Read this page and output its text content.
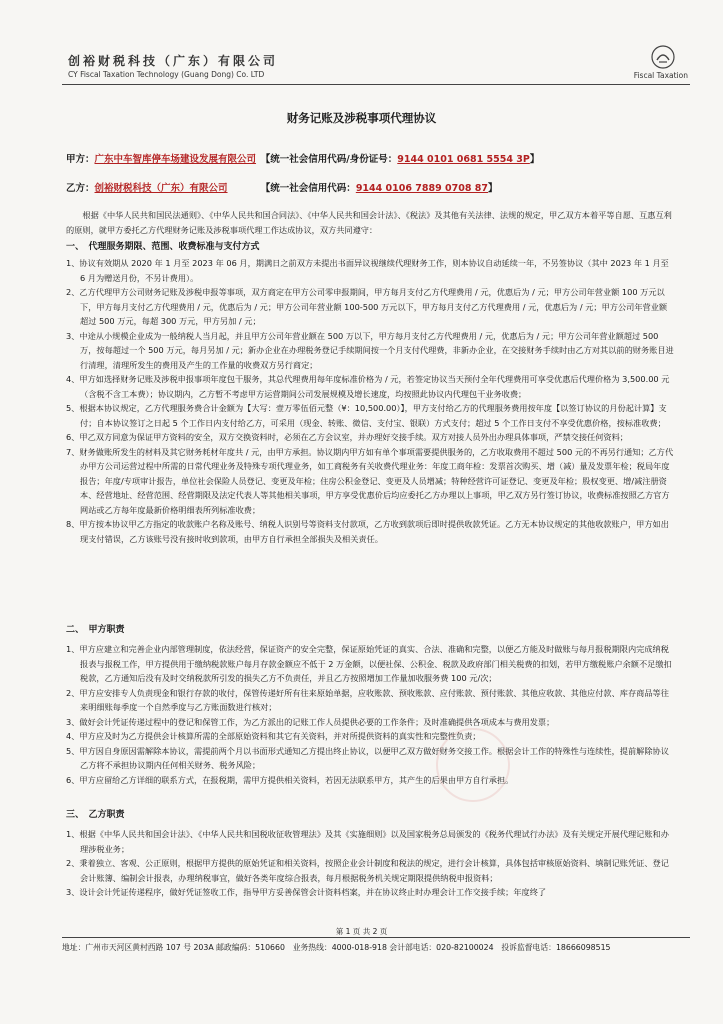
创裕财税科技（广东）有限公司
CY Fiscal Taxation Technology (Guang Dong) Co. LTD	Fiscal Taxation
财务记账及涉税事项代理协议
甲方：广东中车智库停车场建设发展有限公司　 【统一社会信用代码/身份证号：9144 0101 0681 5554 3P】
乙方：创裕财税科技（广东）有限公司　　　　	【统一社会信用代码：9144 0106 7889 0708 87】
根据《中华人民共和国民法通则》、《中华人民共和国合同法》、《中华人民共和国会计法》、《税法》及其他有关法律、法规的规定，甲乙双方本着平等自愿、互惠互利的原则，就甲方委托乙方代理财务记账及涉税事项代理工作达成协议，双方共同遵守：
一、　代理服务期限、范围、收费标准与支付方式
1、协议有效期从 2020 年 1 月至 2023 年 06 月，期满日之前双方未提出书面异议视继续代理财务工作，则本协议自动延续一年，不另签协议（其中 2023 年 1 月至 6 月为赠送月份，不另计费用）。
2、乙方代理甲方公司财务记账及涉税申报等事项，双方商定在甲方公司零申报期间，甲方每月支付乙方代理费用 / 元，优惠后为 / 元；甲方公司年营业额 100 万元以下，甲方每月支付乙方代理费用 / 元，优惠后为 / 元；甲方公司年营业额 100-500 万元以下，甲方每月支付乙方代理费用 / 元，优惠后为 / 元；甲方公司年营业额超过 500 万元，每超 300 万元，甲方另加 / 元；
3、中途从小规模企业成为一般纳税人当月起，并且甲方公司年营业额在 500 万以下，甲方每月支付乙方代理费用 / 元，优惠后为 / 元；甲方公司年营业额超过 500 万，按每超过一个 500 万元，每月另加 / 元；新办企业在办理税务登记手续期间按一个月支付代理费，非新办企业，在交接财务手续时由乙方对其以前的财务账目进行清理，清理所发生的费用及产生的工作量的收费双方另行商定；
4、甲方如选择财务记账及涉税申报事项年度包干服务，其总代理费用每年度标准价格为 / 元，若签定协议当天预付全年代理费用可享受优惠后代理价格为 3,500.00 元（含税不含工本费）；协议期内，乙方暂不考虑甲方运营期间公司发展规模及增长速度，均按照此协议内代理包干业务收费；
5、根据本协议规定，乙方代理服务费合计金额为【大写：壹万零伍佰元整（¥：10,500.00）】，甲方支付给乙方的代理服务费用按年度【以签订协议的月份起计算】支付；自本协议签订之日起 5 个工作日内支付给乙方，可采用（现金、转账、微信、支付宝、银联）方式支付；超过 5 个工作日支付不享受优惠价格，按标准收费；
6、甲乙双方同意为保证甲方资料的安全，双方交换资料时，必须在乙方会议室，并办理好交接手续。双方对接人员外出办理具体事项，严禁交接任何资料；
7、财务做账所发生的材料及其它财务耗材年度共 / 元，由甲方承担。协议期内甲方如有单个事项需要提供服务的，乙方收取费用不超过 500 元的不再另行通知；乙方代办甲方公司运营过程中所需的日常代理业务及特殊专项代理业务，如工商税务有关收费代理业务：年度工商年检：发票首次购买、增（减）量及发票年检；税局年度报告；年度/专项审计报告，单位社会保险人员登记、变更及年检；住房公积金登记、变更及人员增减；特种经营许可证登记、变更及年检；股权变更、增/减注册资本、经营地址、经营范围、经营期限及法定代表人等其他相关事项，甲方享受优惠价后均应委托乙方办理以上事项，甲乙双方另行签订协议，收费标准按照乙方官方网站或乙方每年度最新价格明细表所列标准收费；
8、甲方按本协议甲乙方指定的收款账户名称及账号、纳税人识别号等资料支付款项，乙方收到款项后即时提供收款凭证。乙方无本协议规定的其他收款账户，甲方如出现支付错误，乙方该账号没有接时收到款项，由甲方自行承担全部损失及相关责任。
二、　甲方职责
1、甲方应建立和完善企业内部管理制度，依法经营，保证资产的安全完整，保证原始凭证的真实、合法、准确和完整，以便乙方能及时做账与每月报税期限内完成纳税报表与报税工作，甲方提供用于缴纳税款账户每月存款金额应不低于 2 万金额，以便社保、公积金、税款及政府部门相关税费的扣划，若甲方缴税账户余额不足缴扣税款，乙方通知后没有及时交纳税款所引发的损失乙方不负责任，并且乙方按照增加工作量加收服务费 100 元/次；
2、甲方应安排专人负责现金和银行存款的收付，保管传递好所有往来原始单据，应收账款、预收账款、应付账款、预付账款、其他应收款、其他应付款、库存商品等往来明细账每季度一个自然季度与乙方账面数进行核对；
3、做好会计凭证传递过程中的登记和保管工作，为乙方派出的记账工作人员提供必要的工作条件；及时准确提供各项成本与费用发票；
4、甲方应及时为乙方提供会计核算所需的全部原始资料和其它有关资料，并对所提供资料的真实性和完整性负责；
5、甲方因自身原因需解除本协议，需提前两个月以书面形式通知乙方提出终止协议，以便甲乙双方做好财务交接工作。根据会计工作的特殊性与连续性，提前解除协议乙方将不承担协议期内任何相关财务、税务风险；
6、甲方应留给乙方详细的联系方式，在报税期，需甲方提供相关资料，若因无法联系甲方，其产生的后果由甲方自行承担。
三、　乙方职责
1、根据《中华人民共和国会计法》、《中华人民共和国税收征收管理法》及其《实施细则》以及国家税务总局颁发的《税务代理试行办法》及有关规定开展代理记账和办理涉税业务；
2、秉着独立、客观、公正原则，根据甲方提供的原始凭证和相关资料，按照企业会计制度和税法的规定，进行会计核算，具体包括审核原始资料、填制记账凭证、登记会计账簿、编制会计报表，办理纳税事宜，做好各类年度综合报表，每月根据税务机关规定期限提供纳税申报资料；
3、设计会计凭证传递程序，做好凭证签收工作，指导甲方妥善保管会计资料档案，并在协议终止时办理会计工作交接手续；年度终了
第 1 页 共 2 页
地址：广州市天河区黄村西路 107 号 203A 邮政编码：510660　业务热线：4000-018-918 会计部电话：020-82100024　投诉监督电话：18666098515
